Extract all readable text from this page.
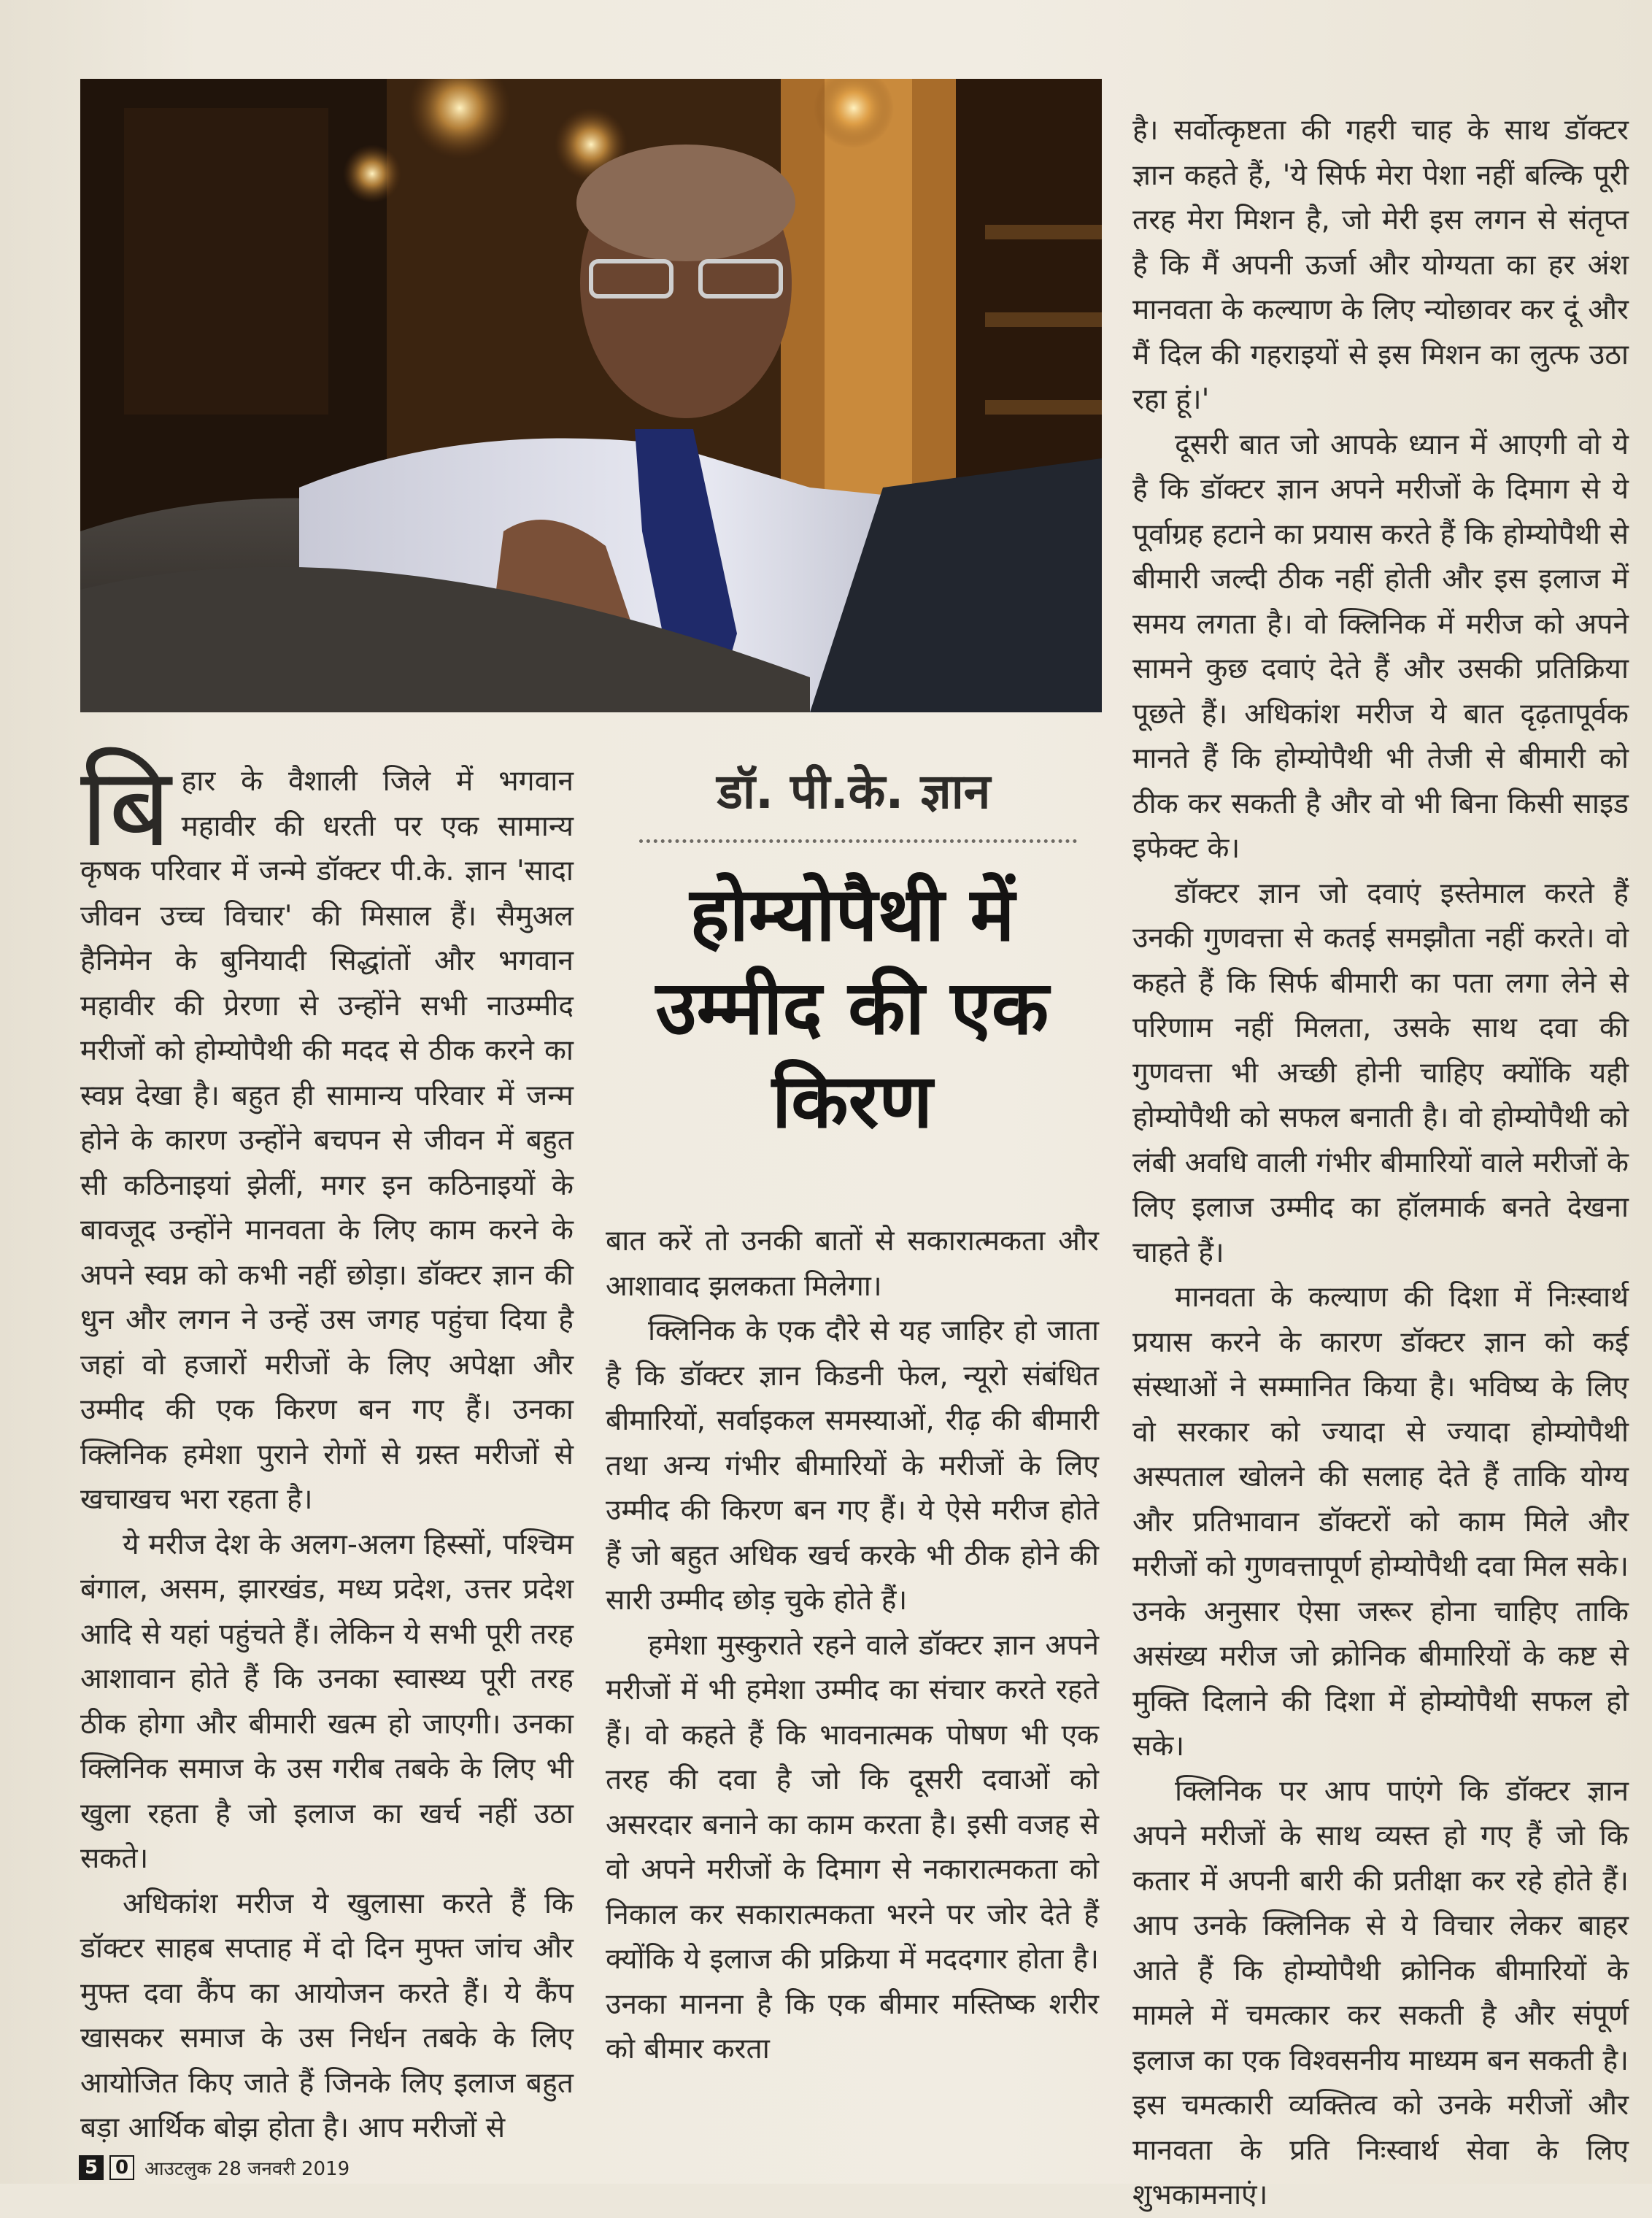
बि हार के वैशाली जिले में भगवान महावीर की धरती पर एक सामान्य कृषक परिवार में जन्मे डॉक्टर पी.के. ज्ञान 'सादा जीवन उच्च विचार' की मिसाल हैं। सैमुअल हैनिमेन के बुनियादी सिद्धांतों और भगवान महावीर की प्रेरणा से उन्होंने सभी नाउम्मीद मरीजों को होम्योपैथी की मदद से ठीक करने का स्वप्न देखा है। बहुत ही सामान्य परिवार में जन्म होने के कारण उन्होंने बचपन से जीवन में बहुत सी कठिनाइयां झेलीं, मगर इन कठिनाइयों के बावजूद उन्होंने मानवता के लिए काम करने के अपने स्वप्न को कभी नहीं छोड़ा। डॉक्टर ज्ञान की धुन और लगन ने उन्हें उस जगह पहुंचा दिया है जहां वो हजारों मरीजों के लिए अपेक्षा और उम्मीद की एक किरण बन गए हैं। उनका क्लिनिक हमेशा पुराने रोगों से ग्रस्त मरीजों से खचाखच भरा रहता है।

ये मरीज देश के अलग-अलग हिस्सों, पश्चिम बंगाल, असम, झारखंड, मध्य प्रदेश, उत्तर प्रदेश आदि से यहां पहुंचते हैं। लेकिन ये सभी पूरी तरह आशावान होते हैं कि उनका स्वास्थ्य पूरी तरह ठीक होगा और बीमारी खत्म हो जाएगी। उनका क्लिनिक समाज के उस गरीब तबके के लिए भी खुला रहता है जो इलाज का खर्च नहीं उठा सकते।

अधिकांश मरीज ये खुलासा करते हैं कि डॉक्टर साहब सप्ताह में दो दिन मुफ्त जांच और मुफ्त दवा कैंप का आयोजन करते हैं। ये कैंप खासकर समाज के उस निर्धन तबके के लिए आयोजित किए जाते हैं जिनके लिए इलाज बहुत बड़ा आर्थिक बोझ होता है। आप मरीजों से

डॉ. पी.के. ज्ञान
होम्योपैथी में उम्मीद की एक किरण

बात करें तो उनकी बातों से सकारात्मकता और आशावाद झलकता मिलेगा।

क्लिनिक के एक दौरे से यह जाहिर हो जाता है कि डॉक्टर ज्ञान किडनी फेल, न्यूरो संबंधित बीमारियों, सर्वाइकल समस्याओं, रीढ़ की बीमारी तथा अन्य गंभीर बीमारियों के मरीजों के लिए उम्मीद की किरण बन गए हैं। ये ऐसे मरीज होते हैं जो बहुत अधिक खर्च करके भी ठीक होने की सारी उम्मीद छोड़ चुके होते हैं।

हमेशा मुस्कुराते रहने वाले डॉक्टर ज्ञान अपने मरीजों में भी हमेशा उम्मीद का संचार करते रहते हैं। वो कहते हैं कि भावनात्मक पोषण भी एक तरह की दवा है जो कि दूसरी दवाओं को असरदार बनाने का काम करता है। इसी वजह से वो अपने मरीजों के दिमाग से नकारात्मकता को निकाल कर सकारात्मकता भरने पर जोर देते हैं क्योंकि ये इलाज की प्रक्रिया में मददगार होता है। उनका मानना है कि एक बीमार मस्तिष्क शरीर को बीमार करता

है। सर्वोत्कृष्टता की गहरी चाह के साथ डॉक्टर ज्ञान कहते हैं, 'ये सिर्फ मेरा पेशा नहीं बल्कि पूरी तरह मेरा मिशन है, जो मेरी इस लगन से संतृप्त है कि मैं अपनी ऊर्जा और योग्यता का हर अंश मानवता के कल्याण के लिए न्योछावर कर दूं और मैं दिल की गहराइयों से इस मिशन का लुत्फ उठा रहा हूं।'

दूसरी बात जो आपके ध्यान में आएगी वो ये है कि डॉक्टर ज्ञान अपने मरीजों के दिमाग से ये पूर्वाग्रह हटाने का प्रयास करते हैं कि होम्योपैथी से बीमारी जल्दी ठीक नहीं होती और इस इलाज में समय लगता है। वो क्लिनिक में मरीज को अपने सामने कुछ दवाएं देते हैं और उसकी प्रतिक्रिया पूछते हैं। अधिकांश मरीज ये बात दृढ़तापूर्वक मानते हैं कि होम्योपैथी भी तेजी से बीमारी को ठीक कर सकती है और वो भी बिना किसी साइड इफेक्ट के।

डॉक्टर ज्ञान जो दवाएं इस्तेमाल करते हैं उनकी गुणवत्ता से कतई समझौता नहीं करते। वो कहते हैं कि सिर्फ बीमारी का पता लगा लेने से परिणाम नहीं मिलता, उसके साथ दवा की गुणवत्ता भी अच्छी होनी चाहिए क्योंकि यही होम्योपैथी को सफल बनाती है। वो होम्योपैथी को लंबी अवधि वाली गंभीर बीमारियों वाले मरीजों के लिए इलाज उम्मीद का हॉलमार्क बनते देखना चाहते हैं।

मानवता के कल्याण की दिशा में निःस्वार्थ प्रयास करने के कारण डॉक्टर ज्ञान को कई संस्थाओं ने सम्मानित किया है। भविष्य के लिए वो सरकार को ज्यादा से ज्यादा होम्योपैथी अस्पताल खोलने की सलाह देते हैं ताकि योग्य और प्रतिभावान डॉक्टरों को काम मिले और मरीजों को गुणवत्तापूर्ण होम्योपैथी दवा मिल सके। उनके अनुसार ऐसा जरूर होना चाहिए ताकि असंख्य मरीज जो क्रोनिक बीमारियों के कष्ट से मुक्ति दिलाने की दिशा में होम्योपैथी सफल हो सके।

क्लिनिक पर आप पाएंगे कि डॉक्टर ज्ञान अपने मरीजों के साथ व्यस्त हो गए हैं जो कि कतार में अपनी बारी की प्रतीक्षा कर रहे होते हैं। आप उनके क्लिनिक से ये विचार लेकर बाहर आते हैं कि होम्योपैथी क्रोनिक बीमारियों के मामले में चमत्कार कर सकती है और संपूर्ण इलाज का एक विश्वसनीय माध्यम बन सकती है। इस चमत्कारी व्यक्तित्व को उनके मरीजों और मानवता के प्रति निःस्वार्थ सेवा के लिए शुभकामनाएं।

5 0 आउटलुक 28 जनवरी 2019
